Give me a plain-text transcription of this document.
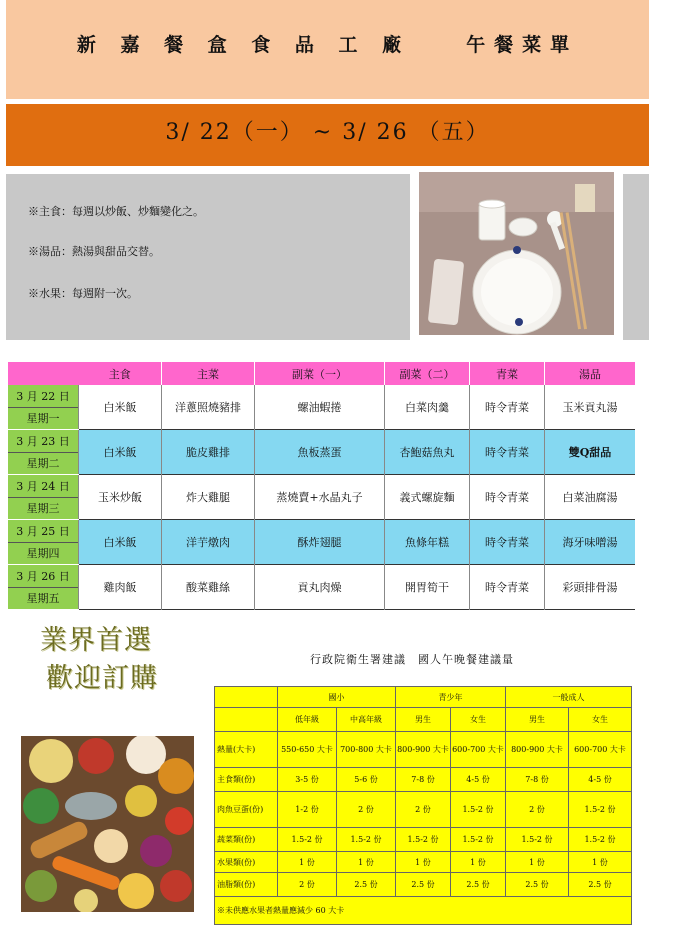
新 嘉 餐 盒 食 品 工 廠　　午餐菜單
3/ 22（一） ~ 3/ 26 （五）
※主食：每週以炒飯、炒麵變化之。
※湯品：熱湯與甜品交替。
※水果：每週附一次。
	主食	主菜	副菜（一）	副菜（二）	青菜	湯品

3 月 22 日
星期一	白米飯	洋蔥照燒豬排	螺油蝦捲	白菜肉羹	時令青菜	玉米貢丸湯

3 月 23 日
星期二	白米飯	脆皮雞排	魚板蒸蛋	杏鮑菇魚丸	時令青菜	雙Q甜品

3 月 24 日
星期三	玉米炒飯	炸大雞腿	蒸燒賣+水晶丸子	義式螺旋麵	時令青菜	白菜油腐湯

3 月 25 日
星期四	白米飯	洋芋燉肉	酥炸翅腿	魚條年糕	時令青菜	海牙味噌湯

3 月 26 日
星期五	雞肉飯	酸菜雞絲	貢丸肉燥	開胃筍干	時令青菜	彩頭排骨湯
業界首選
歡迎訂購
行政院衛生署建議　國人午晚餐建議量
	國小		青少年		一般成人	
	低年級	中高年級	男生	女生	男生	女生
熱量(大卡)	550-650 大卡	700-800 大卡	800-900 大卡	600-700 大卡	800-900 大卡	600-700 大卡
主食類(份)	3-5 份	5-6 份	7-8 份	4-5 份	7-8 份	4-5 份
肉魚豆蛋(份)	1-2 份	2 份	2 份	1.5-2 份	2 份	1.5-2 份
蔬菜類(份)	1.5-2 份	1.5-2 份	1.5-2 份	1.5-2 份	1.5-2 份	1.5-2 份
水果類(份)	1 份	1 份	1 份	1 份	1 份	1 份
油脂類(份)	2 份	2.5 份	2.5 份	2.5 份	2.5 份	2.5 份
※未供應水果者熱量應減少 60 大卡						
